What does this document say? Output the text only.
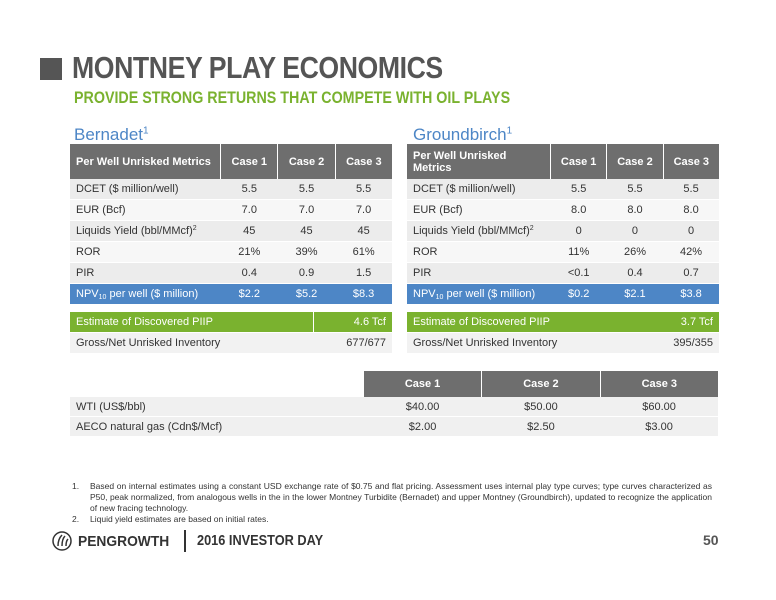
MONTNEY PLAY ECONOMICS
PROVIDE STRONG RETURNS THAT COMPETE WITH OIL PLAYS
Bernadet$^1$
Per Well Unrisked Metrics	Case 1	Case 2	Case 3
DCET ($ million/well)	5.5	5.5	5.5
EUR (Bcf)	7.0	7.0	7.0
Liquids Yield (bbl/MMcf)$^2$	45	45	45
ROR	21%	39%	61%
PIR	0.4	0.9	1.5
$NPV_{10}$ per well ($ million)	$2.2	$5.2	$8.3
Estimate of Discovered PIIP	4.6 Tcf
Gross/Net Unrisked Inventory	677/677
Groundbirch$^1$
Per Well Unrisked Metrics	Case 1	Case 2	Case 3
DCET ($ million/well)	5.5	5.5	5.5
EUR (Bcf)	8.0	8.0	8.0
Liquids Yield (bbl/MMcf)$^2$	0	0	0
ROR	11%	26%	42%
PIR	<0.1	0.4	0.7
$NPV_{10}$ per well ($ million)	$0.2	$2.1	$3.8
Estimate of Discovered PIIP	3.7 Tcf
Gross/Net Unrisked Inventory	395/355
	Case 1	Case 2	Case 3
WTI (US$/bbl)	$40.00	$50.00	$60.00
AECO natural gas (Cdn$/Mcf)	$2.00	$2.50	$3.00
1.	Based on internal estimates using a constant USD exchange rate of $0.75 and flat pricing. Assessment uses internal play type curves; type curves characterized as P50, peak normalized, from analogous wells in the in the lower Montney Turbidite (Bernadet) and upper Montney (Groundbirch), updated to recognize the application of new fracing technology.
2.	Liquid yield estimates are based on initial rates.
PENGROWTH 2016 INVESTOR DAY	50
